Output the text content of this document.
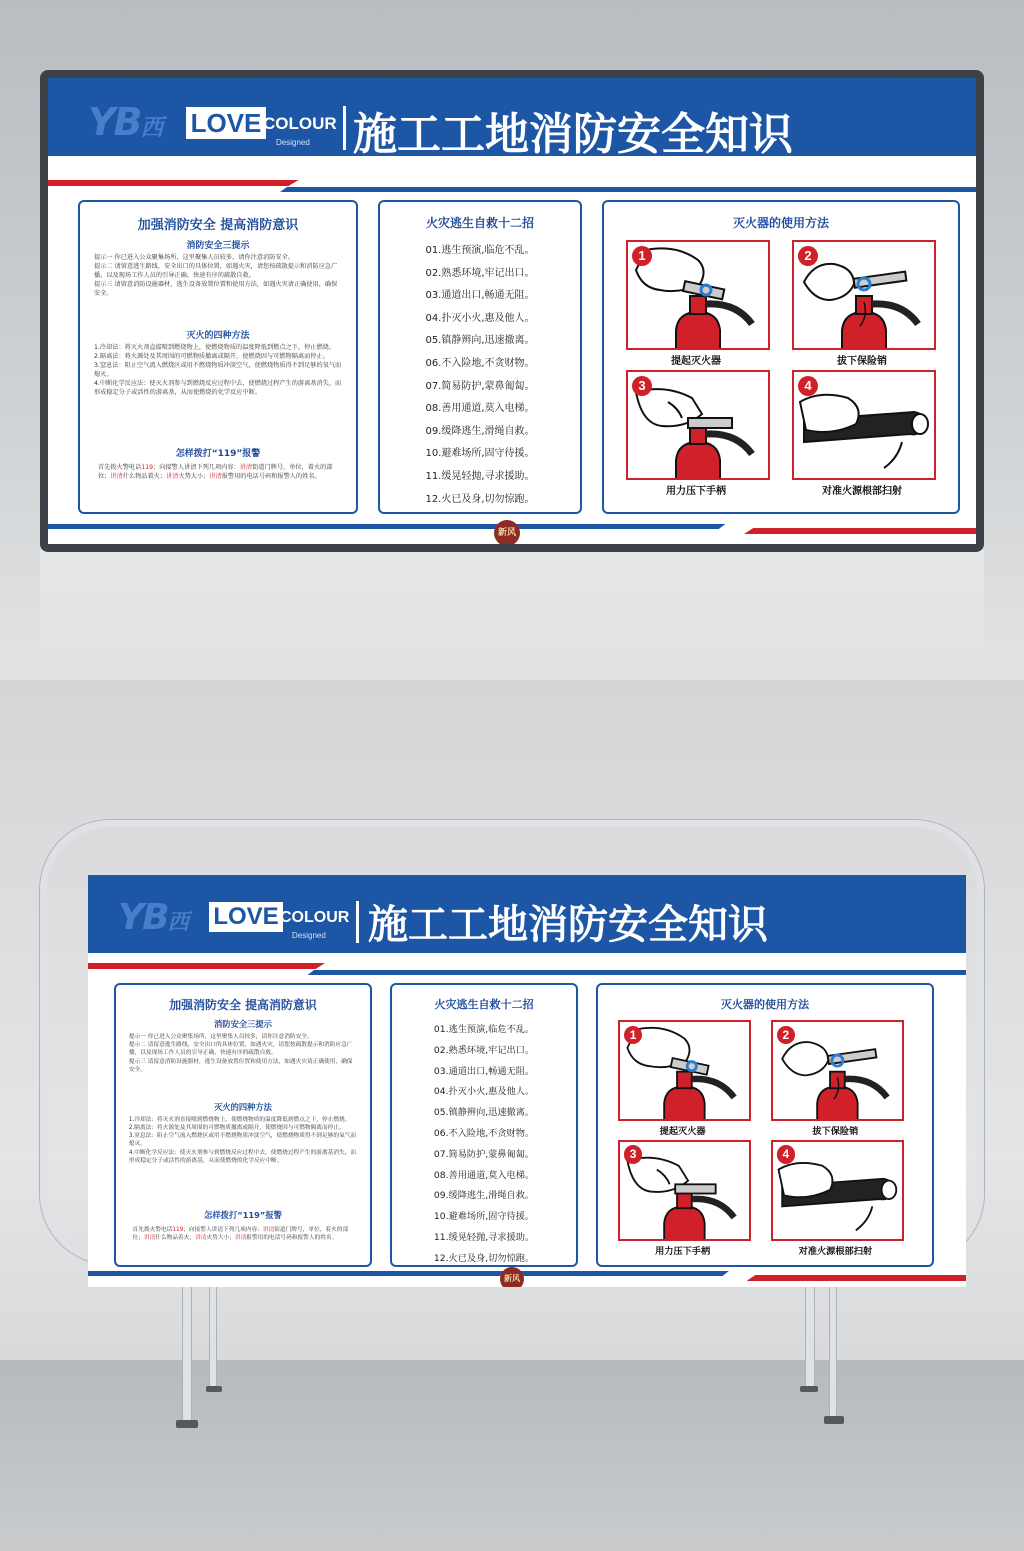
YB西 LOVE COLOUR
Designed 施工工地消防安全知识
加强消防安全 提高消防意识
消防安全三提示
提示一 你已进入公众聚集场所，这里聚集人员较多，请你注意消防安全。
提示二 请留意逃生路线，安全出口的具体位置，如遇火灾，请您按疏散提示和消防应急广播，以及现场工作人员的引导正确、快速有序的疏散自救。
提示三 请留意消防设施器材，逃生设备放置位置和使用方法，如遇火灾请正确使用，确保安全。
灭火的四种方法
1.冷却法：将灭火剂直接喷到燃烧物上，使燃烧物质的温度降低到燃点之下，停止燃烧。
2.隔离法：将火源处及其周围的可燃物质撤离或隔开，使燃烧因与可燃物隔离而停止。
3.窒息法：阻止空气流入燃烧区或用不燃烧物质冲淡空气，使燃烧物质得不到足够的氧气而熄灭。
4.中断化学反应法：使灭火剂参与到燃烧反应过程中去，使燃烧过程产生的游离基消失，而形成稳定分子或活性的游离基，从而使燃烧的化学反应中断。
怎样拨打“119”报警
首先拨火警电话119；向接警人讲清下列几项内容：讲清街道门牌号，单位，着火的部位；讲清什么物品着火；讲清火势大小；讲清报警用的电话号码和报警人的姓名。
火灾逃生自救十二招
01.逃生预演,临危不乱。
02.熟悉环境,牢记出口。
03.通道出口,畅通无阻。
04.扑灭小火,惠及他人。
05.镇静辨向,迅速撤离。
06.不入险地,不贪财物。
07.简易防护,蒙鼻匍匐。
08.善用通道,莫入电梯。
09.缓降逃生,滑绳自救。
10.避难场所,固守待援。
11.缓晃轻抛,寻求援助。
12.火已及身,切勿惊跑。
灭火器的使用方法
1
提起灭火器
2
拔下保险销
3
用力压下手柄
4
对准火源根部扫射
新风
YB西	LOVE COLOUR
Designed 施工工地消防安全知识
加强消防安全 提高消防意识
消防安全三提示
提示一 你已进入公众聚集场所，这里聚集人员较多，请你注意消防安全。
提示二 请留意逃生路线，安全出口的具体位置，如遇火灾，请您按疏散提示和消防应急广播，以及现场工作人员的引导正确、快速有序的疏散自救。
提示三 请留意消防设施器材，逃生设备放置位置和使用方法，如遇火灾请正确使用，确保安全。
灭火的四种方法
1.冷却法：将灭火剂直接喷到燃烧物上，使燃烧物质的温度降低到燃点之下，停止燃烧。
2.隔离法：将火源处及其周围的可燃物质撤离或隔开，使燃烧因与可燃物隔离而停止。
3.窒息法：阻止空气流入燃烧区或用不燃烧物质冲淡空气，使燃烧物质得不到足够的氧气而熄灭。
4.中断化学反应法：使灭火剂参与到燃烧反应过程中去，使燃烧过程产生的游离基消失，而形成稳定分子或活性的游离基，从而使燃烧的化学反应中断。
怎样拨打“119”报警
首先拨火警电话119；向接警人讲清下列几项内容：讲清街道门牌号，单位，着火的部位；讲清什么物品着火；讲清火势大小；讲清报警用的电话号码和报警人的姓名。
火灾逃生自救十二招
01.逃生预演,临危不乱。
02.熟悉环境,牢记出口。
03.通道出口,畅通无阻。
04.扑灭小火,惠及他人。
05.镇静辨向,迅速撤离。
06.不入险地,不贪财物。
07.简易防护,蒙鼻匍匐。
08.善用通道,莫入电梯。
09.缓降逃生,滑绳自救。
10.避难场所,固守待援。
11.缓晃轻抛,寻求援助。
12.火已及身,切勿惊跑。
灭火器的使用方法
1
提起灭火器
2
拔下保险销
3
用力压下手柄
4
对准火源根部扫射
新风
